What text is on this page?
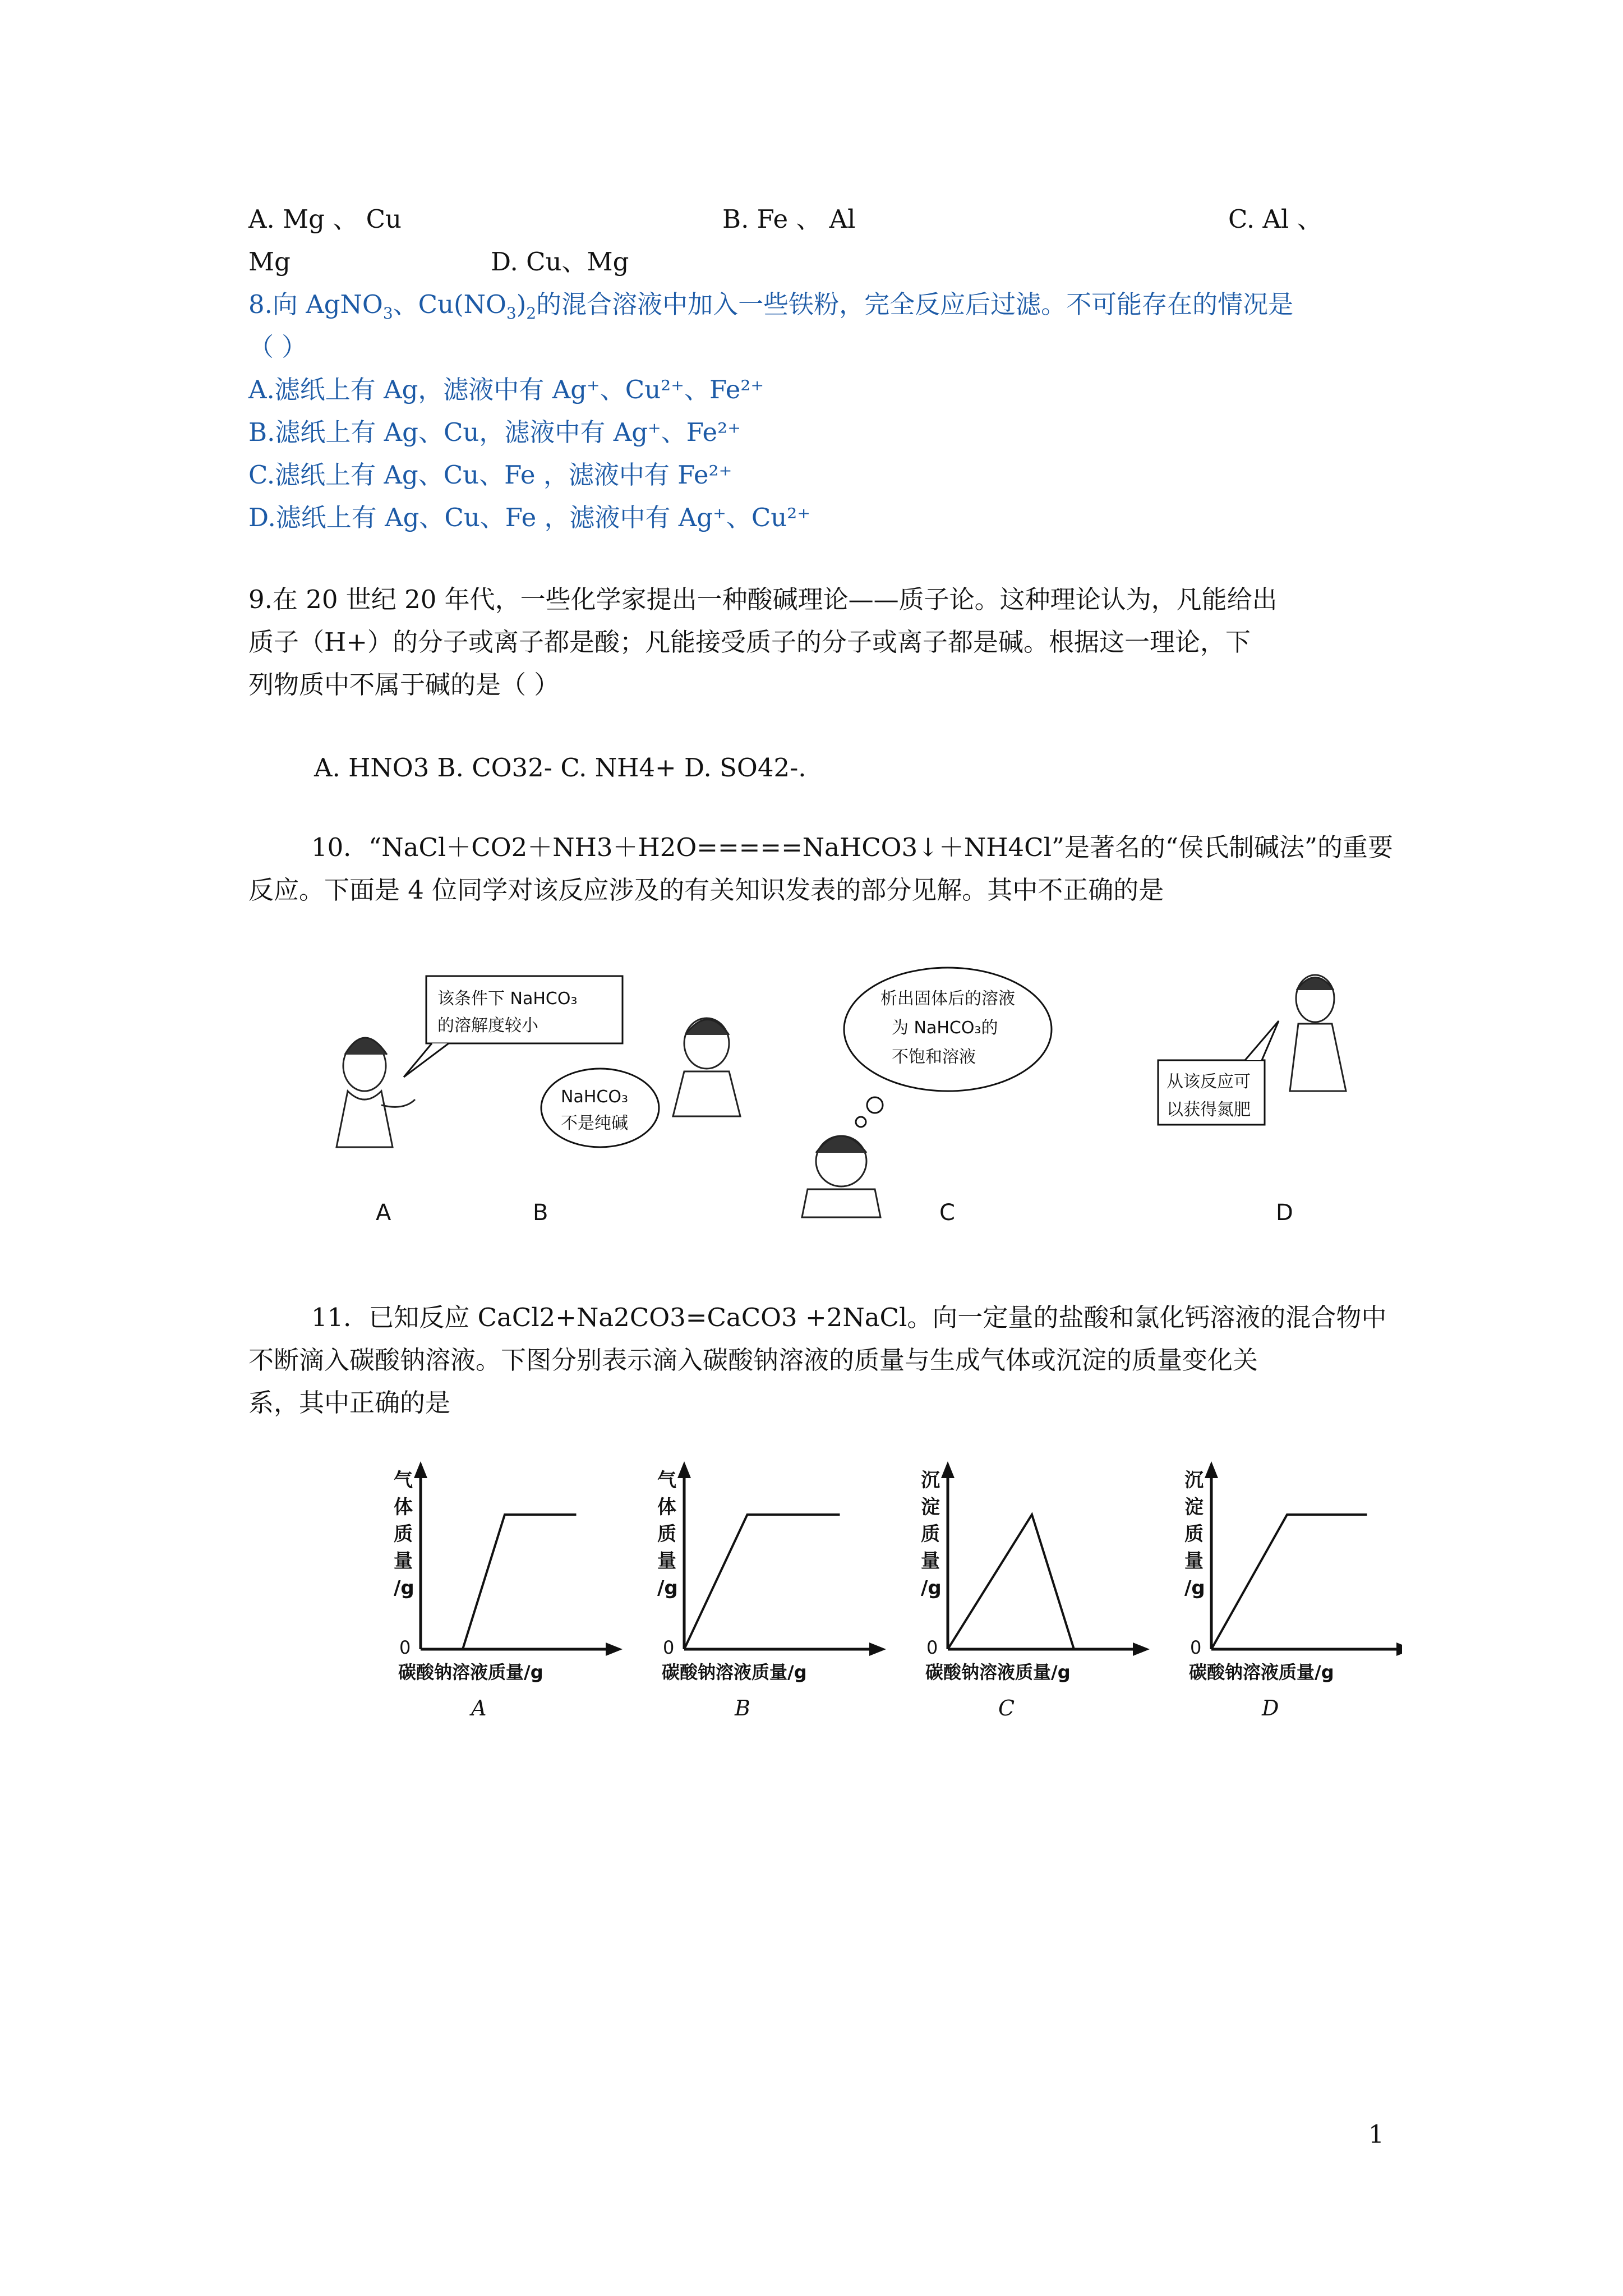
A. Mg 、 Cu	B. Fe 、 Al	C. Al 、
Mg	D. Cu、Mg
8.向 AgNO$_3$、$Cu(NO_3)_2$的混合溶液中加入一些铁粉，完全反应后过滤。不可能存在的情况是
（ ）
A.滤纸上有 Ag，滤液中有 Ag⁺、Cu²⁺、Fe²⁺
B.滤纸上有 Ag、Cu，滤液中有 Ag⁺、Fe²⁺
C.滤纸上有 Ag、Cu、Fe ，滤液中有 Fe²⁺
D.滤纸上有 Ag、Cu、Fe ，滤液中有 Ag⁺、Cu²⁺
9.在 20 世纪 20 年代，一些化学家提出一种酸碱理论——质子论。这种理论认为，凡能给出
质子（H+）的分子或离子都是酸；凡能接受质子的分子或离子都是碱。根据这一理论，下
列物质中不属于碱的是（ ）
A. HNO3 B. CO32- C. NH4+ D. SO42-.
10．“NaCl＋CO2＋NH3＋H2O=====NaHCO3↓＋NH4Cl”是著名的“侯氏制碱法”的重要
反应。下面是 4 位同学对该反应涉及的有关知识发表的部分见解。其中不正确的是
该条件下 NaHCO₃
的溶解度较小
A
NaHCO₃
不是纯碱
B
析出固体后的溶液
为 NaHCO₃的
不饱和溶液
C
从该反应可
以获得氮肥
D
11．已知反应 CaCl2+Na2CO3=CaCO3 +2NaCl。向一定量的盐酸和氯化钙溶液的混合物中
不断滴入碳酸钠溶液。下图分别表示滴入碳酸钠溶液的质量与生成气体或沉淀的质量变化关
系，其中正确的是
气体质量/g
0
碳酸钠溶液质量/g
A
气体质量/g
0
碳酸钠溶液质量/g
B
沉淀质量/g
0
碳酸钠溶液质量/g
C
沉淀质量/g
0
碳酸钠溶液质量/g
D
1
